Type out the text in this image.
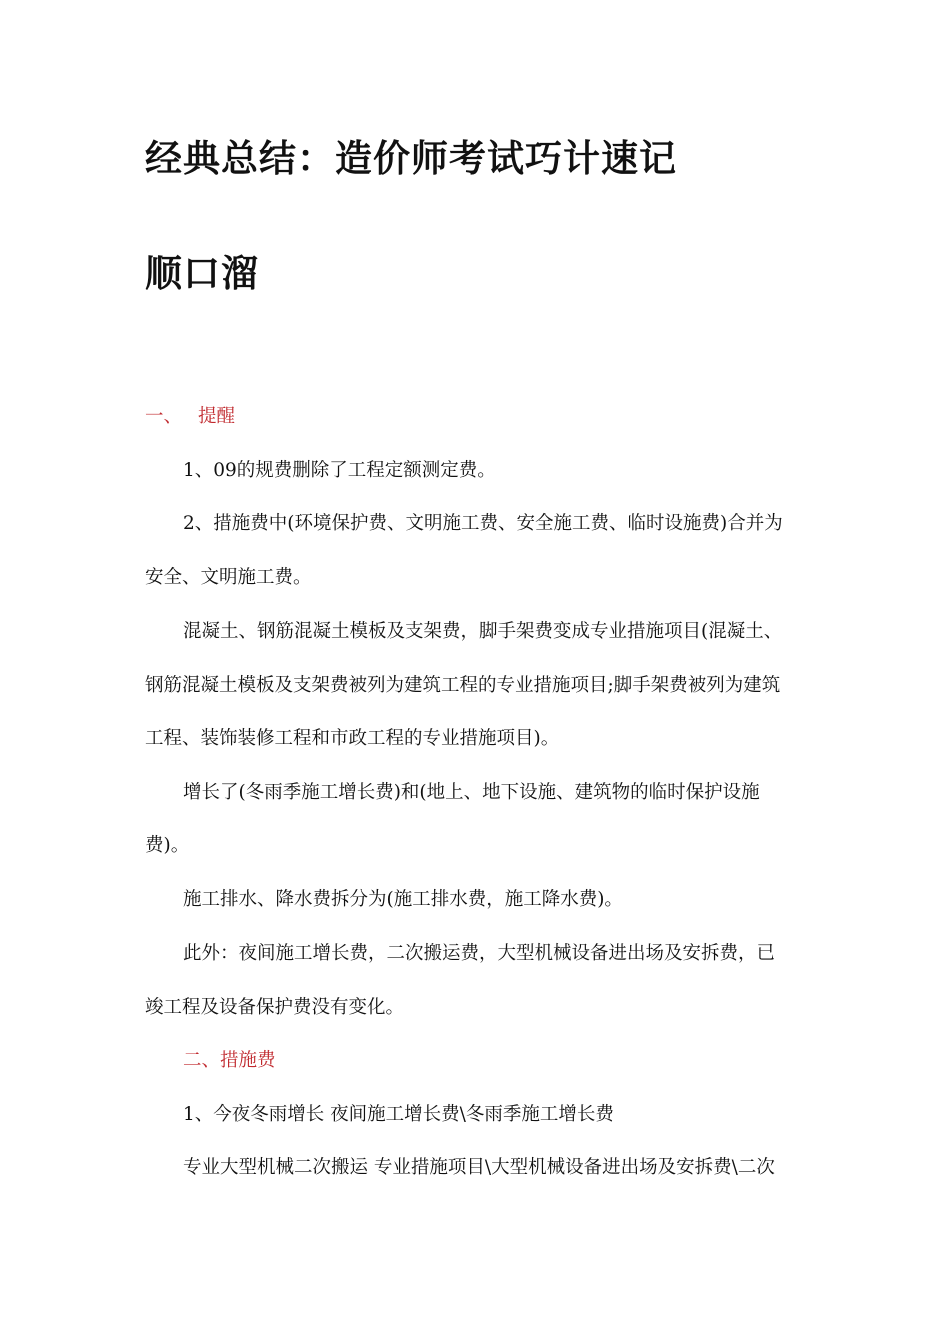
经典总结：造价师考试巧计速记
顺口溜
一、 提醒
1、09的规费删除了工程定额测定费。
2、措施费中(环境保护费、文明施工费、安全施工费、临时设施费)合并为
安全、文明施工费。
混凝土、钢筋混凝土模板及支架费，脚手架费变成专业措施项目(混凝土、
钢筋混凝土模板及支架费被列为建筑工程的专业措施项目;脚手架费被列为建筑
工程、装饰装修工程和市政工程的专业措施项目)。
增长了(冬雨季施工增长费)和(地上、地下设施、建筑物的临时保护设施
费)。
施工排水、降水费拆分为(施工排水费，施工降水费)。
此外：夜间施工增长费，二次搬运费，大型机械设备进出场及安拆费，已
竣工程及设备保护费没有变化。
二、措施费
1、今夜冬雨增长 夜间施工增长费\冬雨季施工增长费
专业大型机械二次搬运 专业措施项目\大型机械设备进出场及安拆费\二次
